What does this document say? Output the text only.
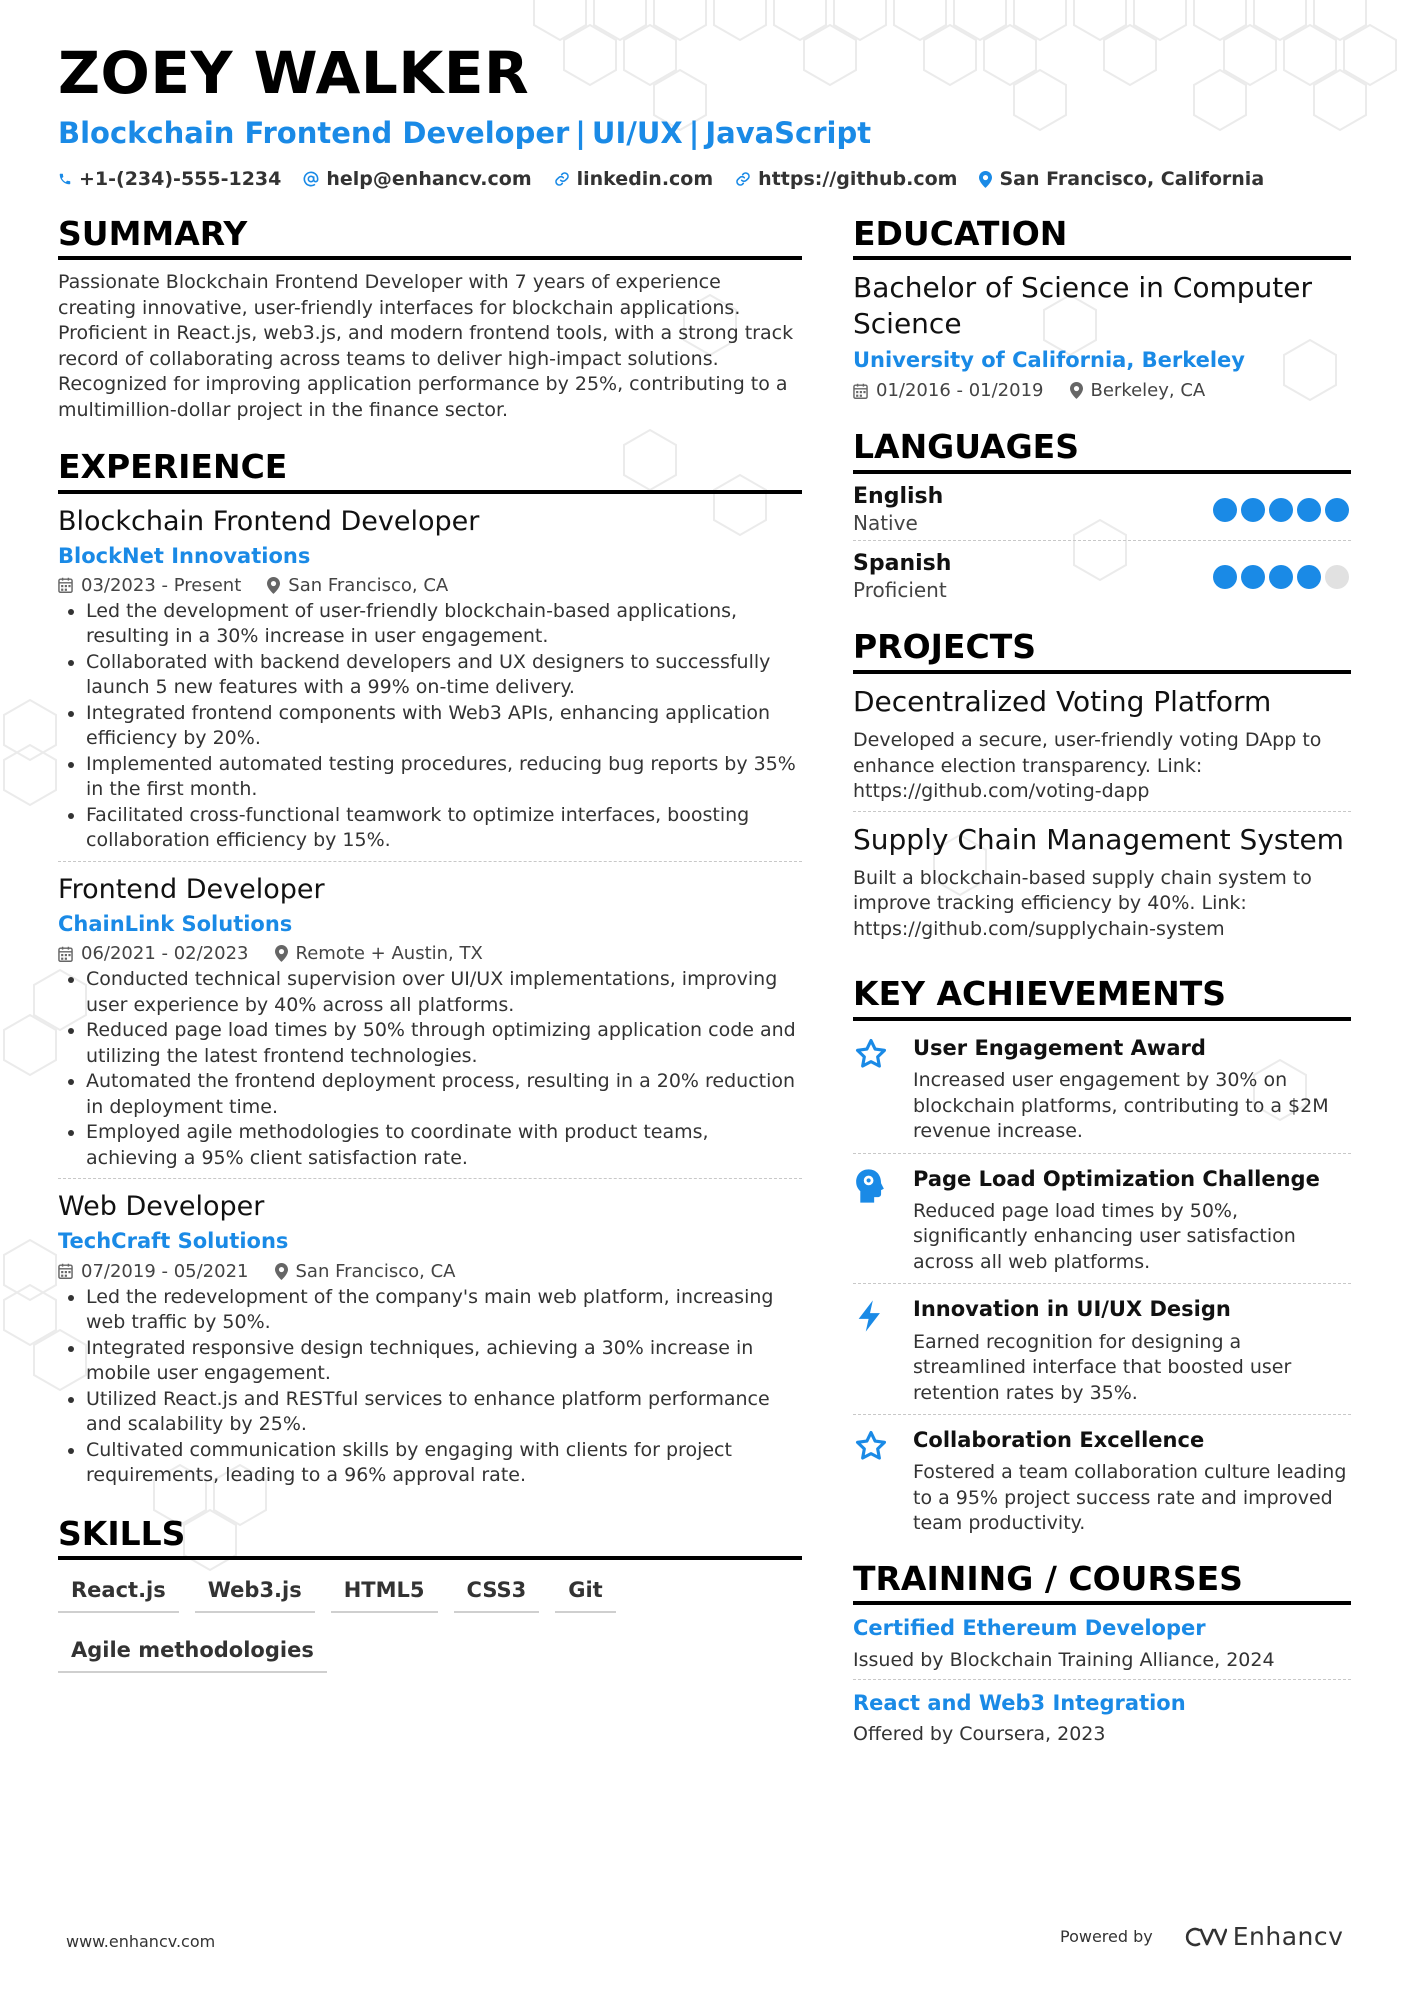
ZOEY WALKER
Blockchain Frontend Developer | UI/UX | JavaScript
+1-(234)-555-1234 help@enhancv.com linkedin.com https://github.com San Francisco, California
SUMMARY
Passionate Blockchain Frontend Developer with 7 years of experience creating innovative, user-friendly interfaces for blockchain applications. Proficient in React.js, web3.js, and modern frontend tools, with a strong track record of collaborating across teams to deliver high-impact solutions. Recognized for improving application performance by 25%, contributing to a multimillion-dollar project in the finance sector.
EXPERIENCE
Blockchain Frontend Developer
BlockNet Innovations
03/2023 - Present	San Francisco, CA
• Led the development of user-friendly blockchain-based applications, resulting in a 30% increase in user engagement.
• Collaborated with backend developers and UX designers to successfully launch 5 new features with a 99% on-time delivery.
• Integrated frontend components with Web3 APIs, enhancing application efficiency by 20%.
• Implemented automated testing procedures, reducing bug reports by 35% in the first month.
• Facilitated cross-functional teamwork to optimize interfaces, boosting collaboration efficiency by 15%.
Frontend Developer
ChainLink Solutions
06/2021 - 02/2023	Remote + Austin, TX
• Conducted technical supervision over UI/UX implementations, improving user experience by 40% across all platforms.
• Reduced page load times by 50% through optimizing application code and utilizing the latest frontend technologies.
• Automated the frontend deployment process, resulting in a 20% reduction in deployment time.
• Employed agile methodologies to coordinate with product teams, achieving a 95% client satisfaction rate.
Web Developer
TechCraft Solutions
07/2019 - 05/2021	San Francisco, CA
• Led the redevelopment of the company's main web platform, increasing web traffic by 50%.
• Integrated responsive design techniques, achieving a 30% increase in mobile user engagement.
• Utilized React.js and RESTful services to enhance platform performance and scalability by 25%.
• Cultivated communication skills by engaging with clients for project requirements, leading to a 96% approval rate.
SKILLS
React.js	Web3.js	HTML5	CSS3	Git
Agile methodologies
EDUCATION
Bachelor of Science in Computer Science
University of California, Berkeley
01/2016 - 01/2019	Berkeley, CA
LANGUAGES
English
Native
Spanish
Proficient
PROJECTS
Decentralized Voting Platform
Developed a secure, user-friendly voting DApp to enhance election transparency. Link: https://github.com/voting-dapp
Supply Chain Management System
Built a blockchain-based supply chain system to improve tracking efficiency by 40%. Link: https://github.com/supplychain-system
KEY ACHIEVEMENTS
User Engagement Award
Increased user engagement by 30% on blockchain platforms, contributing to a $2M revenue increase.
Page Load Optimization Challenge
Reduced page load times by 50%, significantly enhancing user satisfaction across all web platforms.
Innovation in UI/UX Design
Earned recognition for designing a streamlined interface that boosted user retention rates by 35%.
Collaboration Excellence
Fostered a team collaboration culture leading to a 95% project success rate and improved team productivity.
TRAINING / COURSES
Certified Ethereum Developer
Issued by Blockchain Training Alliance, 2024
React and Web3 Integration
Offered by Coursera, 2023
www.enhancv.com	Powered by	Enhancv
